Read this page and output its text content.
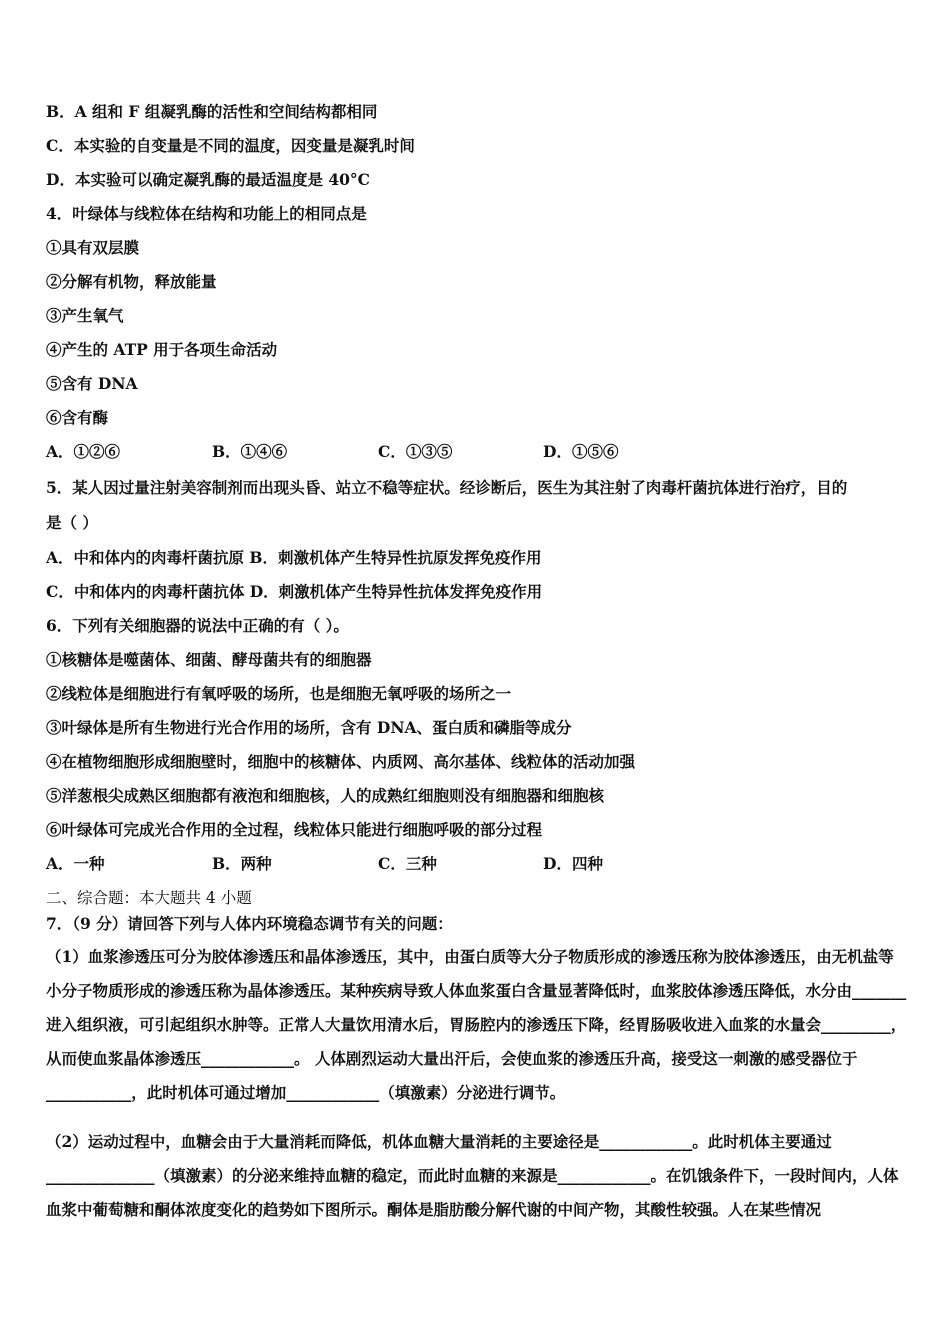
B．A 组和 F 组凝乳酶的活性和空间结构都相同
C．本实验的自变量是不同的温度，因变量是凝乳时间
D．本实验可以确定凝乳酶的最适温度是 40°C
4．叶绿体与线粒体在结构和功能上的相同点是
①具有双层膜
②分解有机物，释放能量
③产生氧气
④产生的 ATP 用于各项生命活动
⑤含有 DNA
⑥含有酶
A．①②⑥	B．①④⑥	C．①③⑤	D．①⑤⑥
5．某人因过量注射美容制剂而出现头昏、站立不稳等症状。经诊断后，医生为其注射了肉毒杆菌抗体进行治疗，目的
是（ ）
A．中和体内的肉毒杆菌抗原 B．刺激机体产生特异性抗原发挥免疫作用
C．中和体内的肉毒杆菌抗体 D．刺激机体产生特异性抗体发挥免疫作用
6．下列有关细胞器的说法中正确的有（ ）。
①核糖体是噬菌体、细菌、酵母菌共有的细胞器
②线粒体是细胞进行有氧呼吸的场所，也是细胞无氧呼吸的场所之一
③叶绿体是所有生物进行光合作用的场所，含有 DNA、蛋白质和磷脂等成分
④在植物细胞形成细胞壁时，细胞中的核糖体、内质网、高尔基体、线粒体的活动加强
⑤洋葱根尖成熟区细胞都有液泡和细胞核，人的成熟红细胞则没有细胞器和细胞核
⑥叶绿体可完成光合作用的全过程，线粒体只能进行细胞呼吸的部分过程
A．一种	B．两种	C．三种	D．四种
二、综合题：本大题共 4 小题
7．（9 分）请回答下列与人体内环境稳态调节有关的问题：
（1）血浆渗透压可分为胶体渗透压和晶体渗透压，其中，由蛋白质等大分子物质形成的渗透压称为胶体渗透压，由无机盐等小分子物质形成的渗透压称为晶体渗透压。某种疾病导致人体血浆蛋白含量显著降低时，血浆胶体渗透压降低，水分由_______进入组织液，可引起组织水肿等。正常人大量饮用清水后，胃肠腔内的渗透压下降，经胃肠吸收进入血浆的水量会_________，从而使血浆晶体渗透压____________。 人体剧烈运动大量出汗后，会使血浆的渗透压升高，接受这一刺激的感受器位于___________，此时机体可通过增加____________（填激素）分泌进行调节。
（2）运动过程中，血糖会由于大量消耗而降低，机体血糖大量消耗的主要途径是____________。此时机体主要通过______________（填激素）的分泌来维持血糖的稳定，而此时血糖的来源是____________。在饥饿条件下，一段时间内，人体血浆中葡萄糖和酮体浓度变化的趋势如下图所示。酮体是脂肪酸分解代谢的中间产物，其酸性较强。人在某些情况
